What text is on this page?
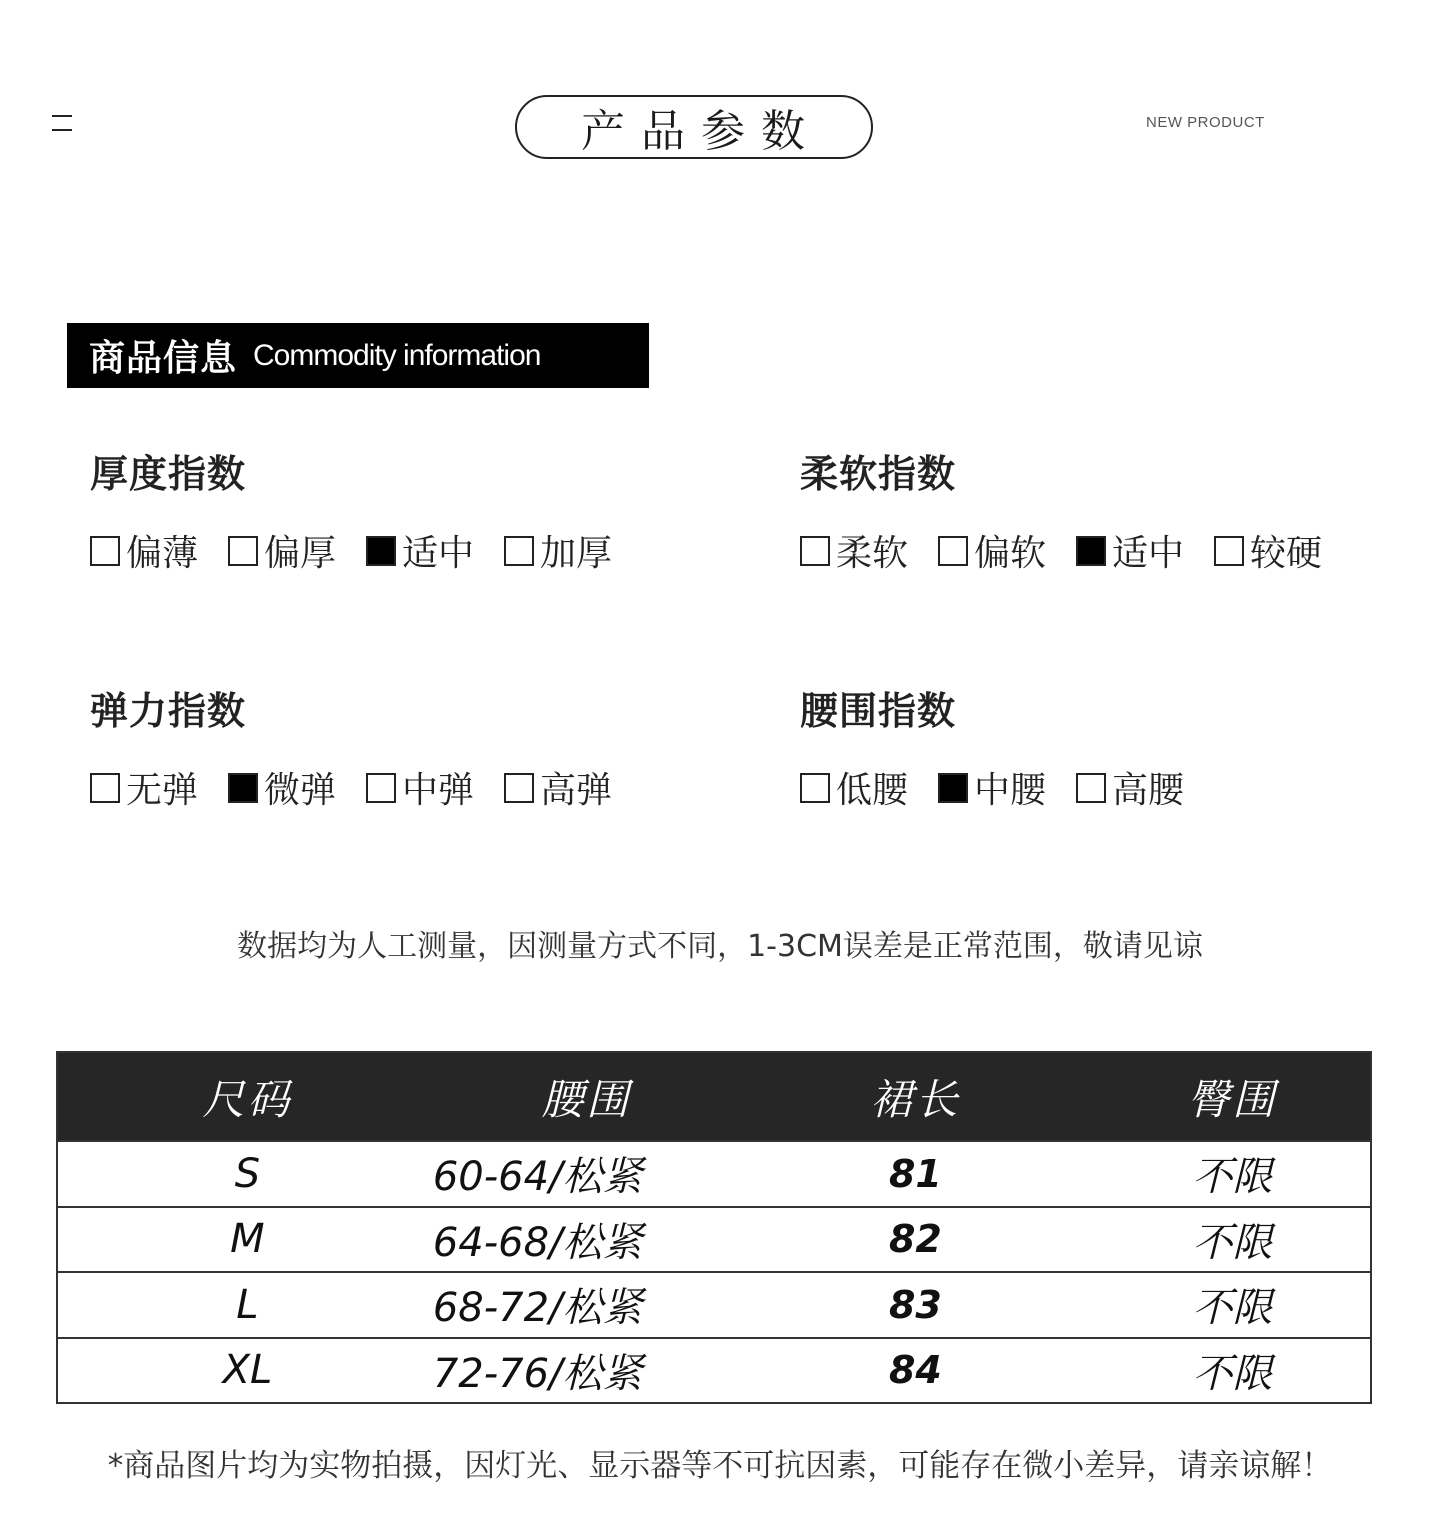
产品参数	NEW PRODUCT
商品信息 Commodity information
厚度指数
偏薄 偏厚 适中 加厚
柔软指数
柔软 偏软 适中 较硬
弹力指数
无弹 微弹 中弹 高弹
腰围指数
低腰 中腰 高腰
数据均为人工测量，因测量方式不同，1-3CM误差是正常范围，敬请见谅
尺码	腰围	裙长	臀围
S	60-64/松紧	81	不限
M	64-68/松紧	82	不限
L	68-72/松紧	83	不限
XL	72-76/松紧	84	不限
*商品图片均为实物拍摄，因灯光、显示器等不可抗因素，可能存在微小差异，请亲谅解！
